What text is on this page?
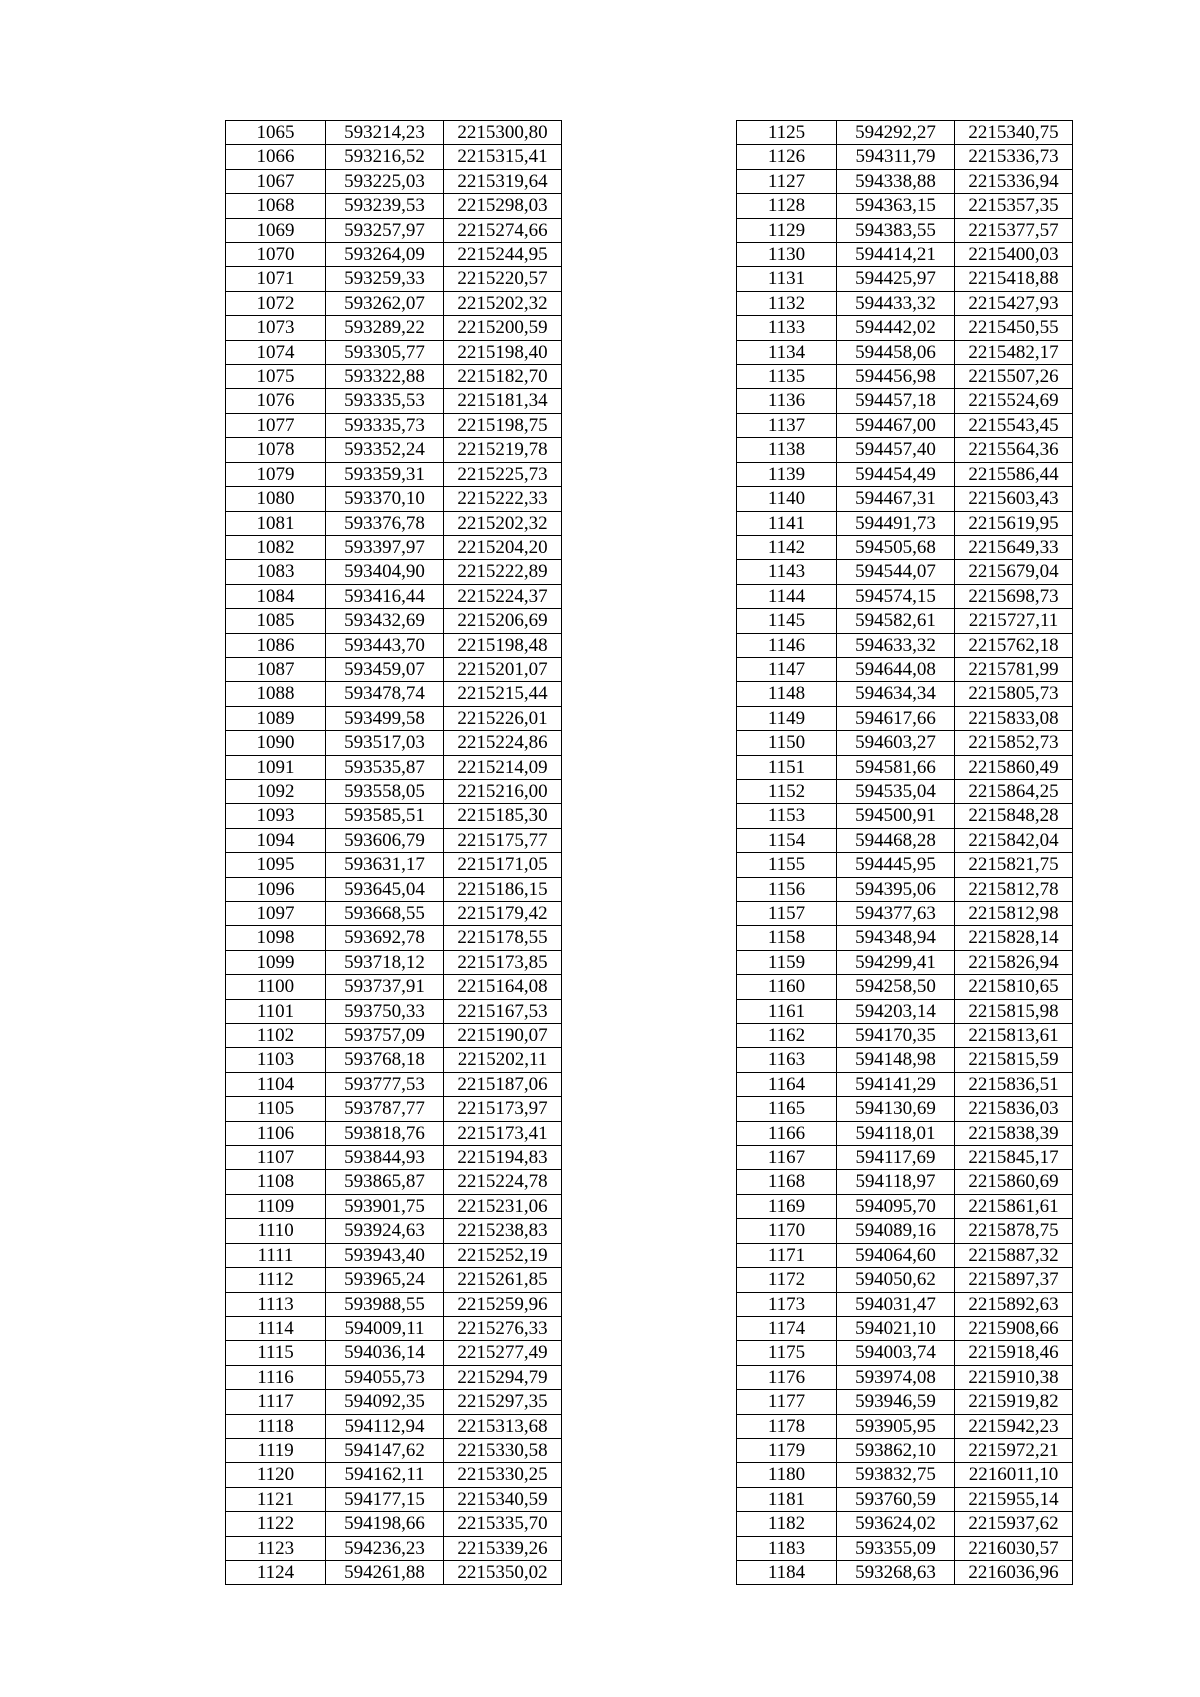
1065	593214,23	2215300,80
1066	593216,52	2215315,41
1067	593225,03	2215319,64
1068	593239,53	2215298,03
1069	593257,97	2215274,66
1070	593264,09	2215244,95
1071	593259,33	2215220,57
1072	593262,07	2215202,32
1073	593289,22	2215200,59
1074	593305,77	2215198,40
1075	593322,88	2215182,70
1076	593335,53	2215181,34
1077	593335,73	2215198,75
1078	593352,24	2215219,78
1079	593359,31	2215225,73
1080	593370,10	2215222,33
1081	593376,78	2215202,32
1082	593397,97	2215204,20
1083	593404,90	2215222,89
1084	593416,44	2215224,37
1085	593432,69	2215206,69
1086	593443,70	2215198,48
1087	593459,07	2215201,07
1088	593478,74	2215215,44
1089	593499,58	2215226,01
1090	593517,03	2215224,86
1091	593535,87	2215214,09
1092	593558,05	2215216,00
1093	593585,51	2215185,30
1094	593606,79	2215175,77
1095	593631,17	2215171,05
1096	593645,04	2215186,15
1097	593668,55	2215179,42
1098	593692,78	2215178,55
1099	593718,12	2215173,85
1100	593737,91	2215164,08
1101	593750,33	2215167,53
1102	593757,09	2215190,07
1103	593768,18	2215202,11
1104	593777,53	2215187,06
1105	593787,77	2215173,97
1106	593818,76	2215173,41
1107	593844,93	2215194,83
1108	593865,87	2215224,78
1109	593901,75	2215231,06
1110	593924,63	2215238,83
1111	593943,40	2215252,19
1112	593965,24	2215261,85
1113	593988,55	2215259,96
1114	594009,11	2215276,33
1115	594036,14	2215277,49
1116	594055,73	2215294,79
1117	594092,35	2215297,35
1118	594112,94	2215313,68
1119	594147,62	2215330,58
1120	594162,11	2215330,25
1121	594177,15	2215340,59
1122	594198,66	2215335,70
1123	594236,23	2215339,26
1124	594261,88	2215350,02
1125	594292,27	2215340,75
1126	594311,79	2215336,73
1127	594338,88	2215336,94
1128	594363,15	2215357,35
1129	594383,55	2215377,57
1130	594414,21	2215400,03
1131	594425,97	2215418,88
1132	594433,32	2215427,93
1133	594442,02	2215450,55
1134	594458,06	2215482,17
1135	594456,98	2215507,26
1136	594457,18	2215524,69
1137	594467,00	2215543,45
1138	594457,40	2215564,36
1139	594454,49	2215586,44
1140	594467,31	2215603,43
1141	594491,73	2215619,95
1142	594505,68	2215649,33
1143	594544,07	2215679,04
1144	594574,15	2215698,73
1145	594582,61	2215727,11
1146	594633,32	2215762,18
1147	594644,08	2215781,99
1148	594634,34	2215805,73
1149	594617,66	2215833,08
1150	594603,27	2215852,73
1151	594581,66	2215860,49
1152	594535,04	2215864,25
1153	594500,91	2215848,28
1154	594468,28	2215842,04
1155	594445,95	2215821,75
1156	594395,06	2215812,78
1157	594377,63	2215812,98
1158	594348,94	2215828,14
1159	594299,41	2215826,94
1160	594258,50	2215810,65
1161	594203,14	2215815,98
1162	594170,35	2215813,61
1163	594148,98	2215815,59
1164	594141,29	2215836,51
1165	594130,69	2215836,03
1166	594118,01	2215838,39
1167	594117,69	2215845,17
1168	594118,97	2215860,69
1169	594095,70	2215861,61
1170	594089,16	2215878,75
1171	594064,60	2215887,32
1172	594050,62	2215897,37
1173	594031,47	2215892,63
1174	594021,10	2215908,66
1175	594003,74	2215918,46
1176	593974,08	2215910,38
1177	593946,59	2215919,82
1178	593905,95	2215942,23
1179	593862,10	2215972,21
1180	593832,75	2216011,10
1181	593760,59	2215955,14
1182	593624,02	2215937,62
1183	593355,09	2216030,57
1184	593268,63	2216036,96
